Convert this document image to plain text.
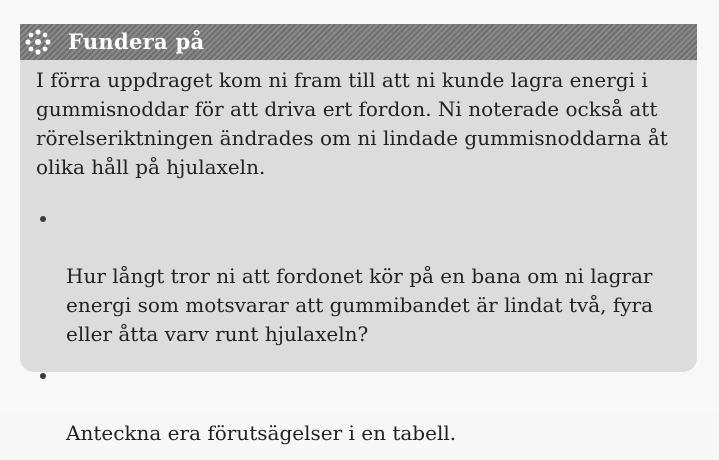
Fundera på

I förra uppdraget kom ni fram till att ni kunde lagra energi i
gummisnoddar för att driva ert fordon. Ni noterade också att
rörelseriktningen ändrades om ni lindade gummisnoddarna åt
olika håll på hjulaxeln.

Hur långt tror ni att fordonet kör på en bana om ni lagrar
energi som motsvarar att gummibandet är lindat två, fyra
eller åtta varv runt hjulaxeln?

Anteckna era förutsägelser i en tabell.
